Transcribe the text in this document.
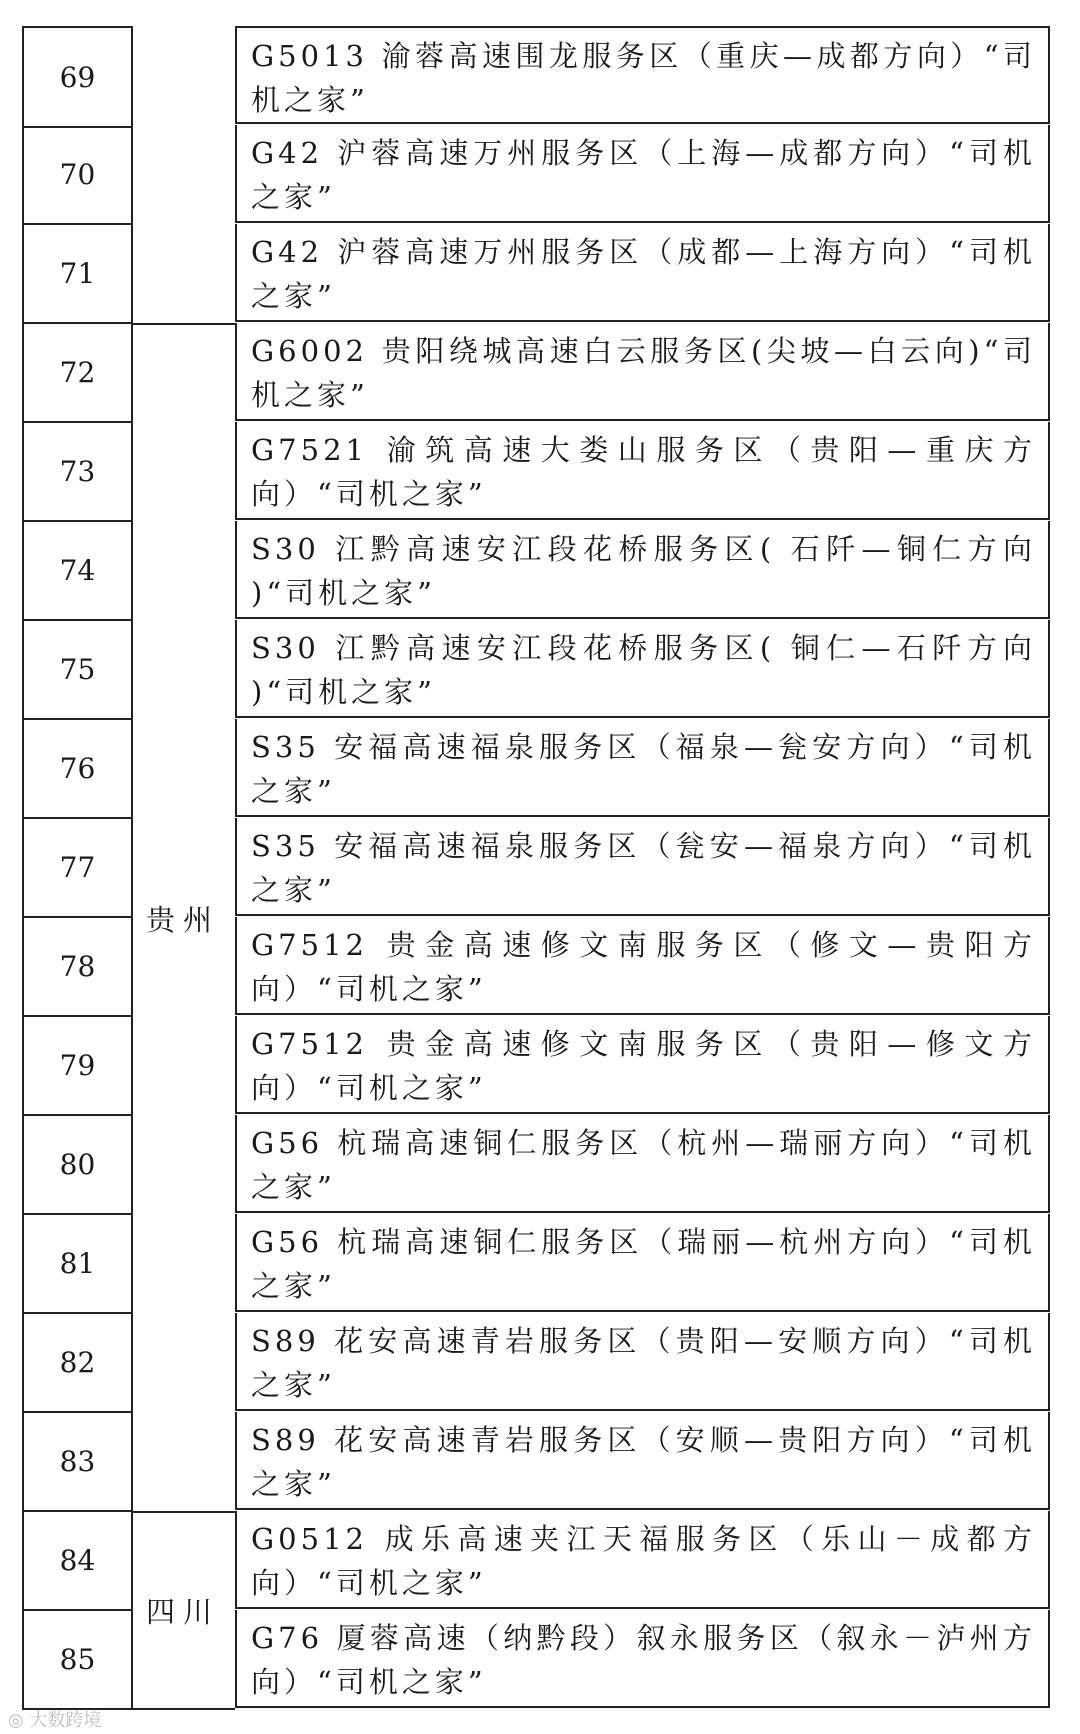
69
G5013 渝蓉高速围龙服务区（重庆—成都方向）“司机之家”
70
G42 沪蓉高速万州服务区（上海—成都方向）“司机之家”
71
G42 沪蓉高速万州服务区（成都—上海方向）“司机之家”
72
G6002 贵阳绕城高速白云服务区(尖坡—白云向)“司机之家”
73
G7521 渝筑高速大娄山服务区（贵阳—重庆方向）“司机之家”
74
S30 江黔高速安江段花桥服务区( 石阡—铜仁方向 )“司机之家”
75
S30 江黔高速安江段花桥服务区( 铜仁—石阡方向 )“司机之家”
76
S35 安福高速福泉服务区（福泉—瓮安方向）“司机之家”
77
S35 安福高速福泉服务区（瓮安—福泉方向）“司机之家”
78
G7512 贵金高速修文南服务区（修文—贵阳方向）“司机之家”
79
G7512 贵金高速修文南服务区（贵阳—修文方向）“司机之家”
80
G56 杭瑞高速铜仁服务区（杭州—瑞丽方向）“司机之家”
81
G56 杭瑞高速铜仁服务区（瑞丽—杭州方向）“司机之家”
82
S89 花安高速青岩服务区（贵阳—安顺方向）“司机之家”
83
S89 花安高速青岩服务区（安顺—贵阳方向）“司机之家”
84
G0512 成乐高速夹江天福服务区（乐山－成都方向）“司机之家”
85
G76 厦蓉高速（纳黔段）叙永服务区（叙永－泸州方向）“司机之家”
贵州
四川
◎ 大数跨境
